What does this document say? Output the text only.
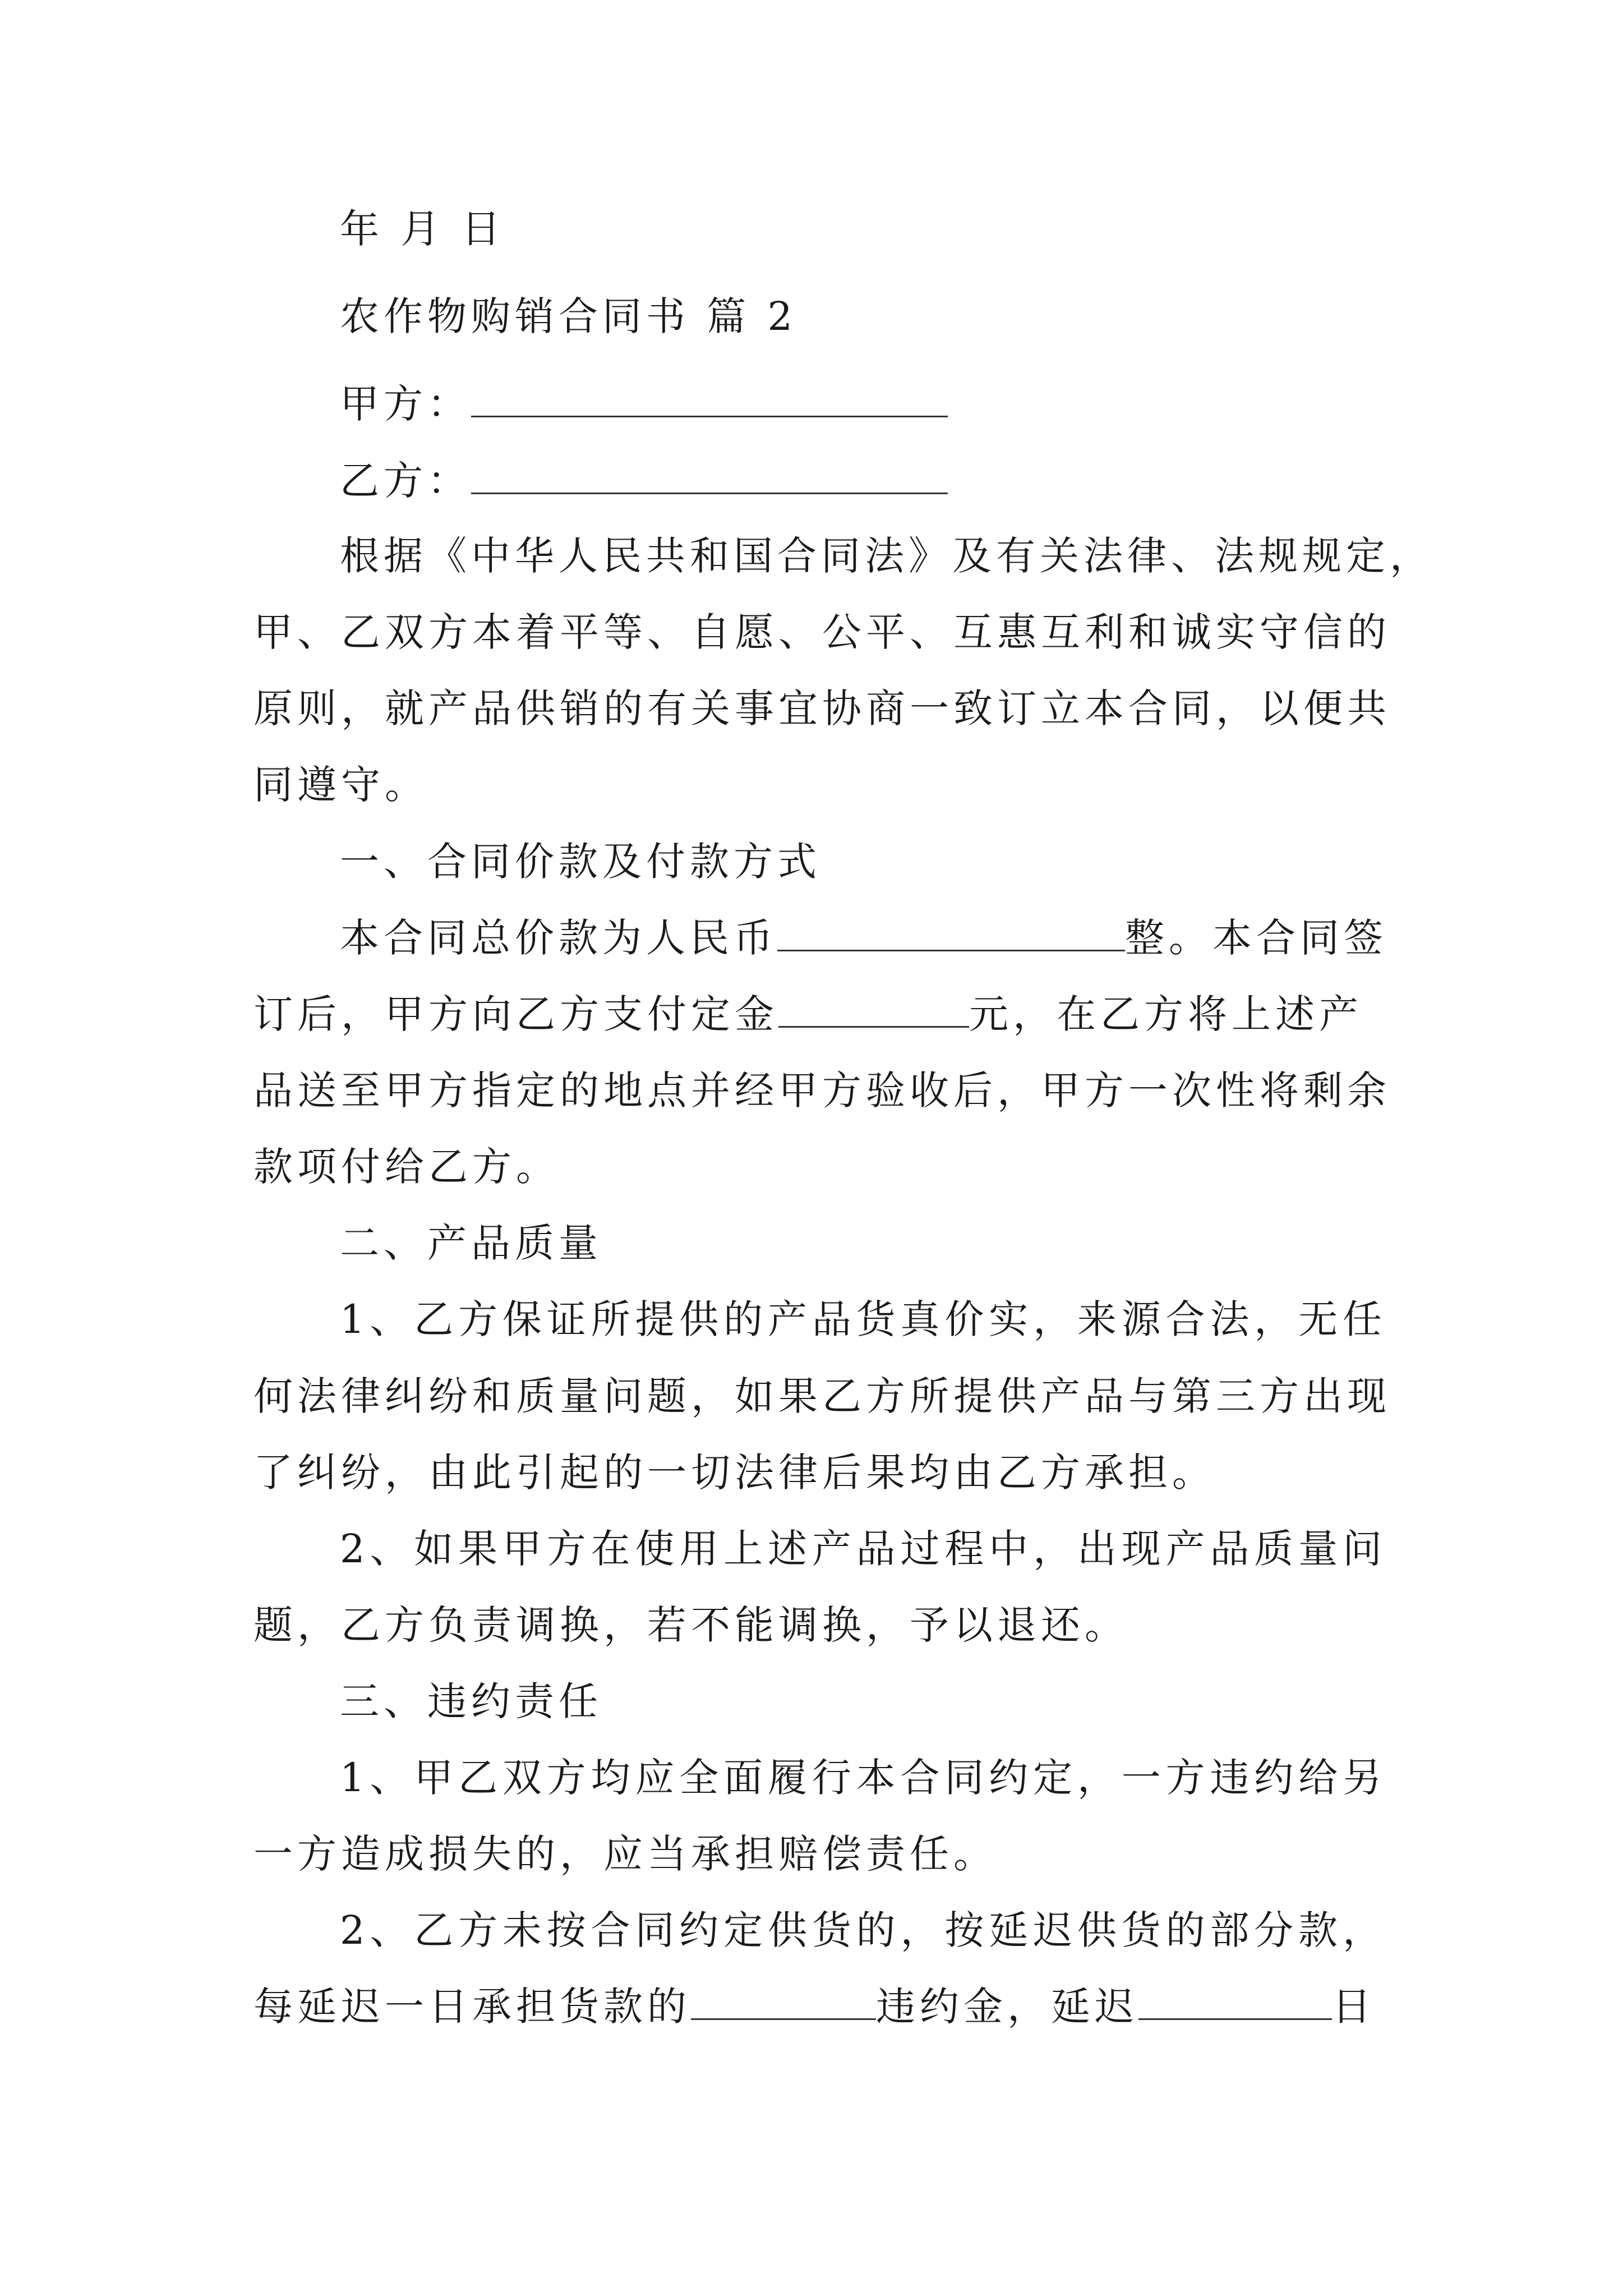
年 月 日
农作物购销合同书 篇 2
甲方：
乙方：
根据《中华人民共和国合同法》及有关法律、法规规定，
甲、乙双方本着平等、自愿、公平、互惠互利和诚实守信的
原则，就产品供销的有关事宜协商一致订立本合同，以便共
同遵守。
一、合同价款及付款方式
本合同总价款为人民币	整。本合同签
订后，甲方向乙方支付定金	元，在乙方将上述产
品送至甲方指定的地点并经甲方验收后，甲方一次性将剩余
款项付给乙方。
二、产品质量
1、乙方保证所提供的产品货真价实，来源合法，无任
何法律纠纷和质量问题，如果乙方所提供产品与第三方出现
了纠纷，由此引起的一切法律后果均由乙方承担。
2、如果甲方在使用上述产品过程中，出现产品质量问
题，乙方负责调换，若不能调换，予以退还。
三、违约责任
1、甲乙双方均应全面履行本合同约定，一方违约给另
一方造成损失的，应当承担赔偿责任。
2、乙方未按合同约定供货的，按延迟供货的部分款，
每延迟一日承担货款的	违约金，延迟	日
